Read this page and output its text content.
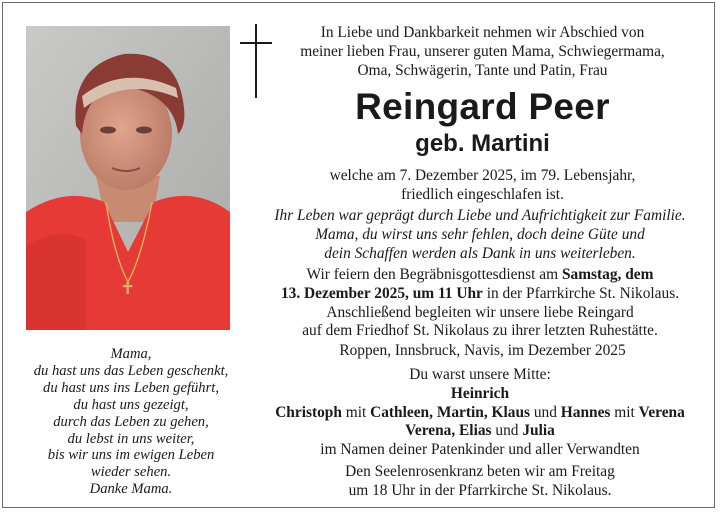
In Liebe und Dankbarkeit nehmen wir Abschied von
meiner lieben Frau, unserer guten Mama, Schwiegermama,
Oma, Schwägerin, Tante und Patin, Frau
Reingard Peer
geb. Martini
welche am 7. Dezember 2025, im 79. Lebensjahr,
friedlich eingeschlafen ist.
Ihr Leben war geprägt durch Liebe und Aufrichtigkeit zur Familie.
Mama, du wirst uns sehr fehlen, doch deine Güte und
dein Schaffen werden als Dank in uns weiterleben.
Wir feiern den Begräbnisgottesdienst am Samstag, dem
13. Dezember 2025, um 11 Uhr in der Pfarrkirche St. Nikolaus.
Anschließend begleiten wir unsere liebe Reingard
auf dem Friedhof St. Nikolaus zu ihrer letzten Ruhestätte.
Roppen, Innsbruck, Navis, im Dezember 2025
Du warst unsere Mitte:
Heinrich
Christoph mit Cathleen, Martin, Klaus und Hannes mit Verena
Verena, Elias und Julia
im Namen deiner Patenkinder und aller Verwandten
Den Seelenrosenkranz beten wir am Freitag
um 18 Uhr in der Pfarrkirche St. Nikolaus.
Mama,
du hast uns das Leben geschenkt,
du hast uns ins Leben geführt,
du hast uns gezeigt,
durch das Leben zu gehen,
du lebst in uns weiter,
bis wir uns im ewigen Leben
wieder sehen.
Danke Mama.
